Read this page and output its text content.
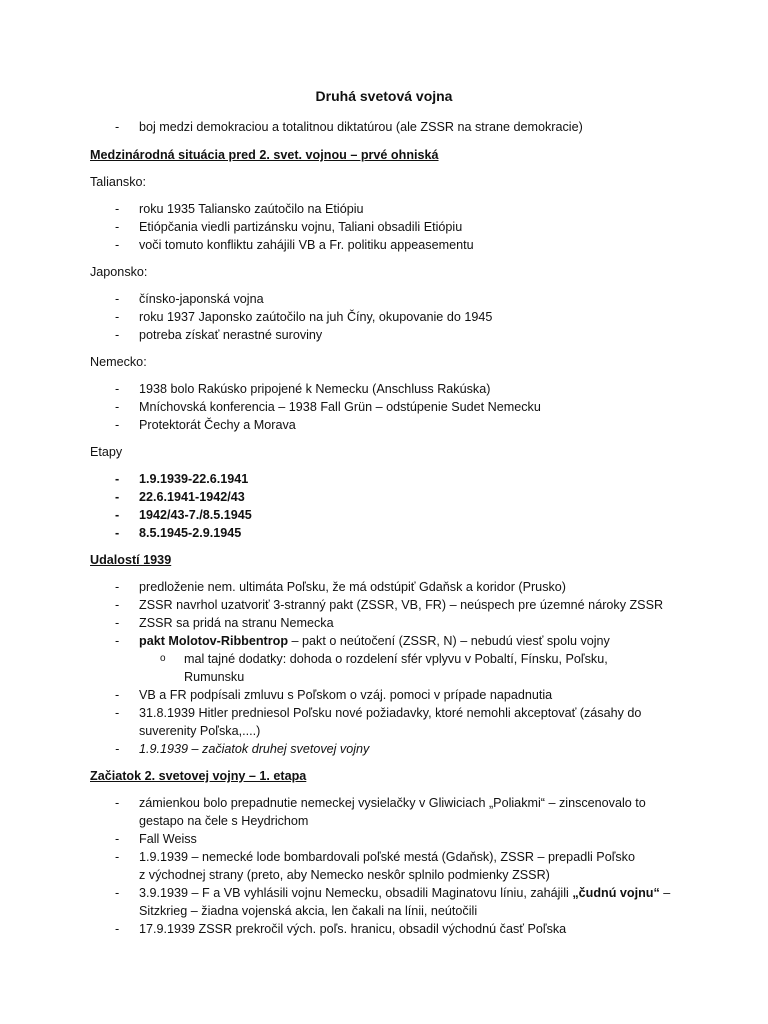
Druhá svetová vojna
- boj medzi demokraciou a totalitnou diktatúrou (ale ZSSR na strane demokracie)
Medzinárodná situácia pred 2. svet. vojnou – prvé ohniská
Taliansko:
- roku 1935 Taliansko zaútočilo na Etiópiu
- Etiópčania viedli partizánsku vojnu, Taliani obsadili Etiópiu
- voči tomuto konfliktu zahájili VB a Fr. politiku appeasementu
Japonsko:
- čínsko-japonská vojna
- roku 1937 Japonsko zaútočilo na juh Číny, okupovanie do 1945
- potreba získať nerastné suroviny
Nemecko:
- 1938 bolo Rakúsko pripojené k Nemecku (Anschluss Rakúska)
- Mníchovská konferencia – 1938 Fall Grün – odstúpenie Sudet Nemecku
- Protektorát Čechy a Morava
Etapy
- 1.9.1939-22.6.1941
- 22.6.1941-1942/43
- 1942/43-7./8.5.1945
- 8.5.1945-2.9.1945
Udalostí 1939
- predloženie nem. ultimáta Poľsku, že má odstúpiť Gdaňsk a koridor (Prusko)
- ZSSR navrhol uzatvoriť 3-stranný pakt (ZSSR, VB, FR) – neúspech pre územné nároky ZSSR
- ZSSR sa pridá na stranu Nemecka
- pakt Molotov-Ribbentrop – pakt o neútočení (ZSSR, N) – nebudú viesť spolu vojny
o mal tajné dodatky: dohoda o rozdelení sfér vplyvu v Pobaltí, Fínsku, Poľsku,
Rumunsku
- VB a FR podpísali zmluvu s Poľskom o vzáj. pomoci v prípade napadnutia
- 31.8.1939 Hitler predniesol Poľsku nové požiadavky, ktoré nemohli akceptovať (zásahy do
suverenity Poľska,....)
- 1.9.1939 – začiatok druhej svetovej vojny
Začiatok 2. svetovej vojny – 1. etapa
- zámienkou bolo prepadnutie nemeckej vysielačky v Gliwiciach „Poliakmi“ – zinscenovalo to
gestapo na čele s Heydrichom
- Fall Weiss
- 1.9.1939 – nemecké lode bombardovali poľské mestá (Gdaňsk), ZSSR – prepadli Poľsko
z východnej strany (preto, aby Nemecko neskôr splnilo podmienky ZSSR)
- 3.9.1939 – F a VB vyhlásili vojnu Nemecku, obsadili Maginatovu líniu, zahájili „čudnú vojnu“ –
Sitzkrieg – žiadna vojenská akcia, len čakali na línii, neútočili
- 17.9.1939 ZSSR prekročil vých. poľs. hranicu, obsadil východnú časť Poľska
